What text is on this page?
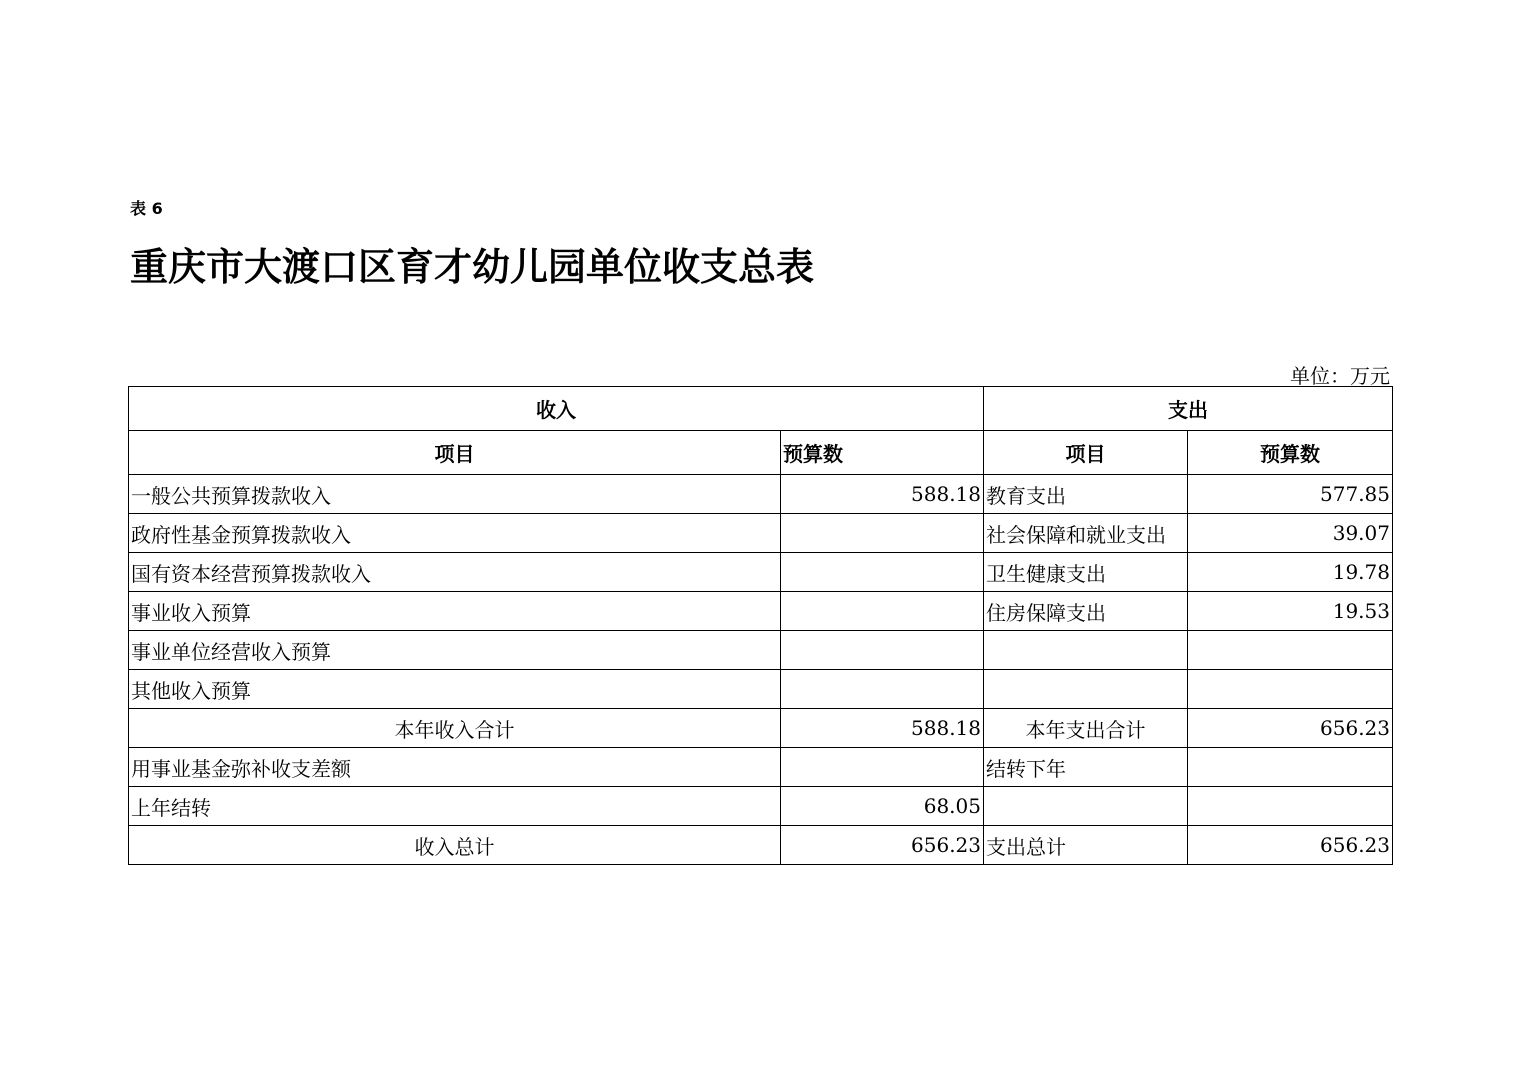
表 6
重庆市大渡口区育才幼儿园单位收支总表
单位：万元
收入		支出	
项目	预算数	项目	预算数
一般公共预算拨款收入	588.18	教育支出	577.85
政府性基金预算拨款收入		社会保障和就业支出	39.07
国有资本经营预算拨款收入		卫生健康支出	19.78
事业收入预算		住房保障支出	19.53
事业单位经营收入预算			
其他收入预算			
本年收入合计	588.18	本年支出合计	656.23
用事业基金弥补收支差额		结转下年	
上年结转	68.05		
收入总计	656.23	支出总计	656.23
